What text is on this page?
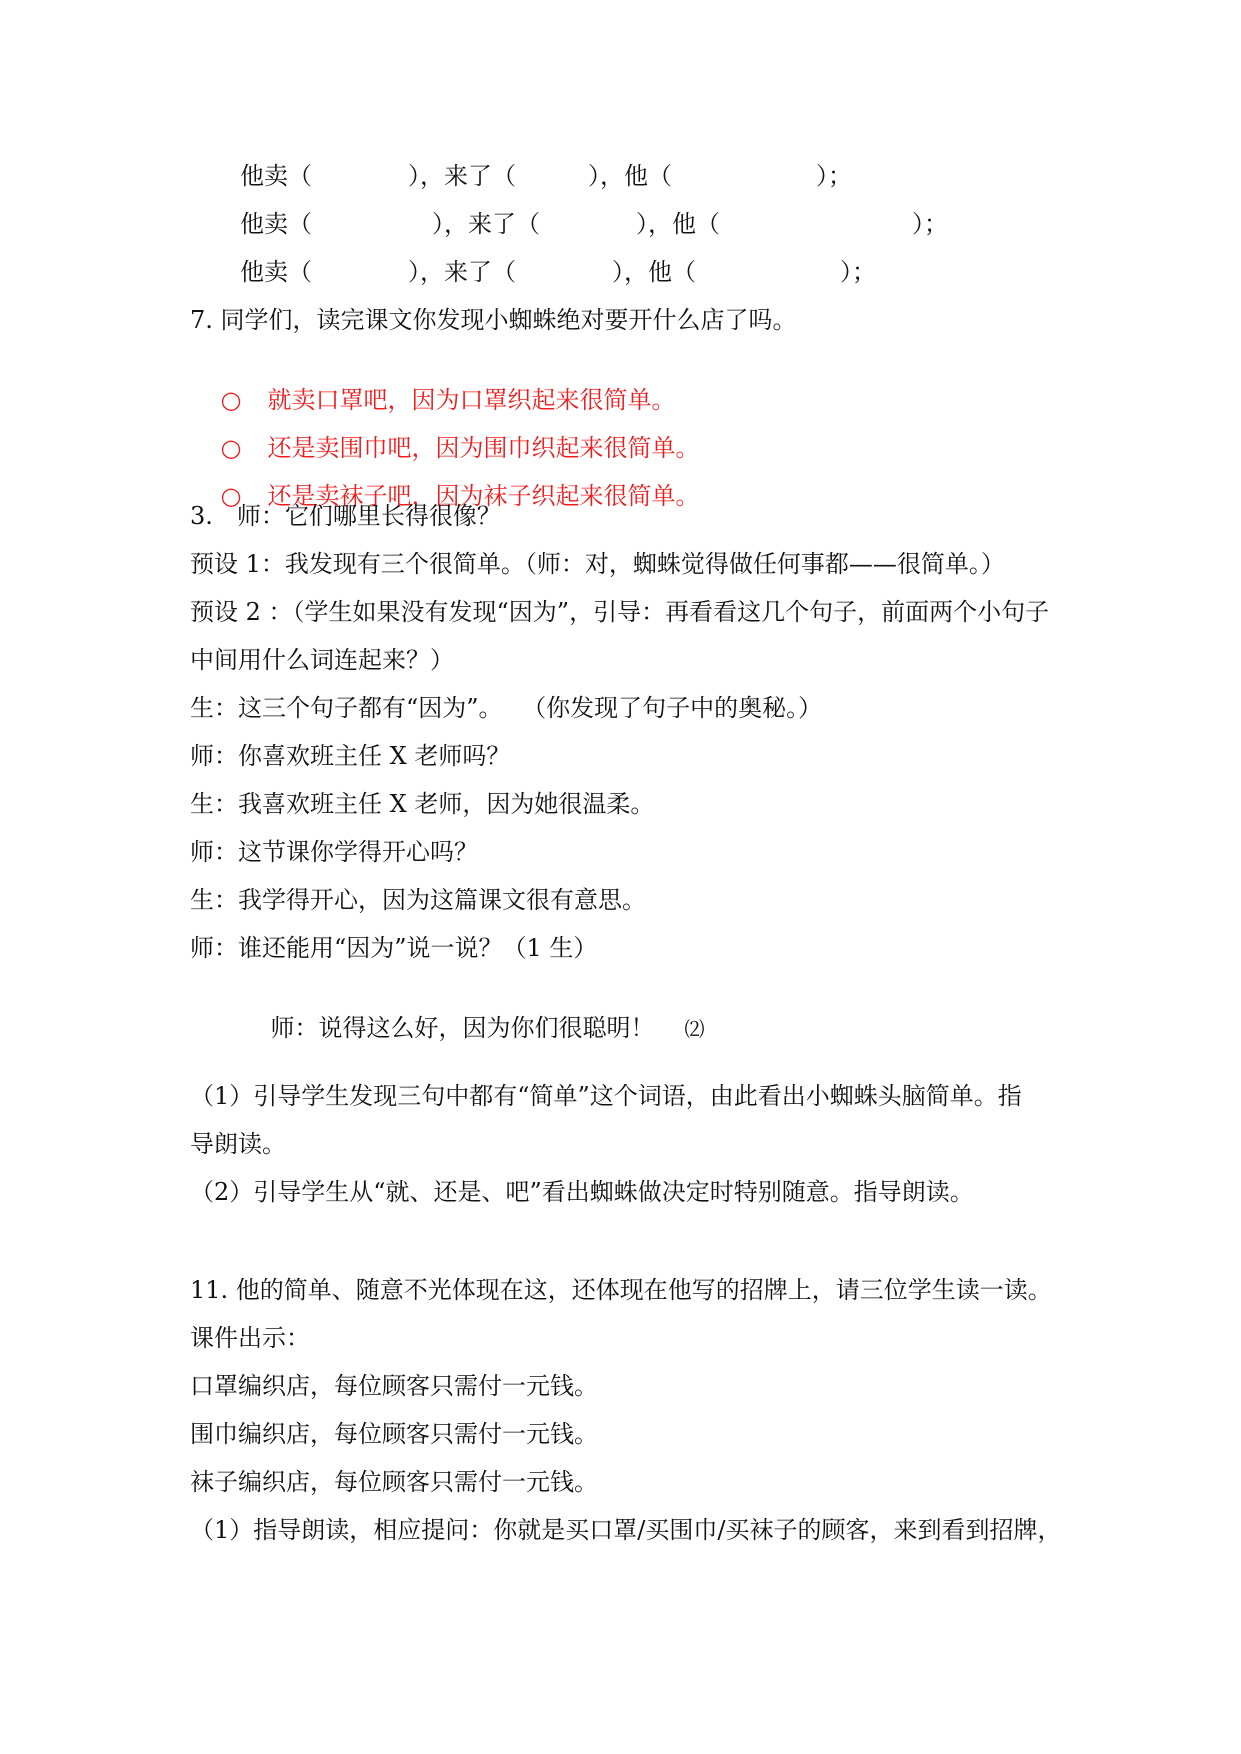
他卖（　　　　），来了（　　　），他（　　　　　　）；
他卖（　　　　　），来了（　　　　），他（　　　　　　　　）；
他卖（　　　　），来了（　　　　），他（　　　　　　）；
7. 同学们，读完课文你发现小蜘蛛绝对要开什么店了吗。

○ 就卖口罩吧，因为口罩织起来很简单。

○ 还是卖围巾吧，因为围巾织起来很简单。

○ 还是卖袜子吧，因为袜子织起来很简单。

3.　师：它们哪里长得很像？
预设 1：我发现有三个很简单。（师：对，蜘蛛觉得做任何事都——很简单。）
预设 2 ：（学生如果没有发现“因为”，引导：再看看这几个句子，前面两个小句子
中间用什么词连起来？）
生：这三个句子都有“因为”。　 （你发现了句子中的奥秘。）
师：你喜欢班主任 X 老师吗？
生：我喜欢班主任 X 老师，因为她很温柔。
师：这节课你学得开心吗？
生：我学得开心，因为这篇课文很有意思。
师：谁还能用“因为”说一说？（1 生）

师：说得这么好，因为你们很聪明！ ⑵

（1）引导学生发现三句中都有“简单”这个词语，由此看出小蜘蛛头脑简单。指
导朗读。
（2）引导学生从“就、还是、吧”看出蜘蛛做决定时特别随意。指导朗读。
11. 他的简单、随意不光体现在这，还体现在他写的招牌上，请三位学生读一读。
课件出示：
口罩编织店，每位顾客只需付一元钱。
围巾编织店，每位顾客只需付一元钱。
袜子编织店，每位顾客只需付一元钱。
（1）指导朗读，相应提问：你就是买口罩/买围巾/买袜子的顾客，来到看到招牌，
